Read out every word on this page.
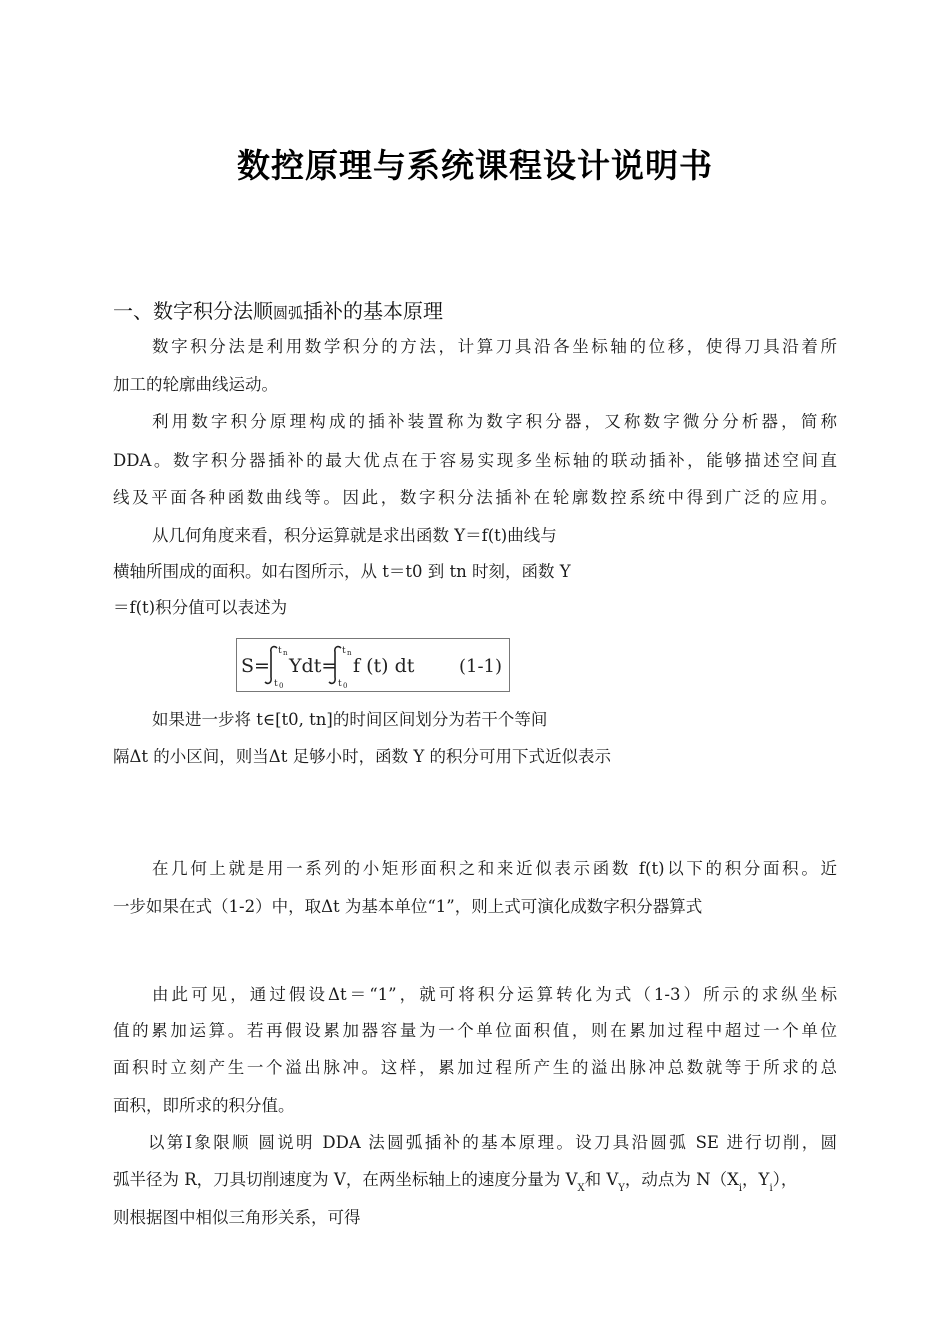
数控原理与系统课程设计说明书
一、数字积分法顺圆弧插补的基本原理
数字积分法是利用数学积分的方法，计算刀具沿各坐标轴的位移，使得刀具沿着所
加工的轮廓曲线运动。
利用数字积分原理构成的插补装置称为数字积分器，又称数字微分分析器，简称
DDA。数字积分器插补的最大优点在于容易实现多坐标轴的联动插补，能够描述空间直
线及平面各种函数曲线等。因此，数字积分法插补在轮廓数控系统中得到广泛的应用。
从几何角度来看，积分运算就是求出函数 Y＝f(t)曲线与
横轴所围成的面积。如右图所示，从 t＝t0 到 tn 时刻，函数 Y
＝f(t)积分值可以表述为
S=
t n
t 0
Ydt=
t n
t 0
f (t) dt (1-1)
如果进一步将 t∈[t0, tn]的时间区间划分为若干个等间
隔Δt 的小区间，则当Δt 足够小时，函数 Y 的积分可用下式近似表示
在几何上就是用一系列的小矩形面积之和来近似表示函数 f(t)以下的积分面积。近
一步如果在式（1-2）中，取Δt 为基本单位“1”，则上式可演化成数字积分器算式
由此可见，通过假设Δt＝“1”，就可将积分运算转化为式（1-3）所示的求纵坐标
值的累加运算。若再假设累加器容量为一个单位面积值，则在累加过程中超过一个单位
面积时立刻产生一个溢出脉冲。这样，累加过程所产生的溢出脉冲总数就等于所求的总
面积，即所求的积分值。
以第Ⅰ象限顺 圆说明 DDA 法圆弧插补的基本原理。设刀具沿圆弧 SE 进行切削，圆
弧半径为 R，刀具切削速度为 V，在两坐标轴上的速度分量为 $V_X$和 $V_Y$，动点为 $N(X_i$，$Y_i$），
则根据图中相似三角形关系，可得
